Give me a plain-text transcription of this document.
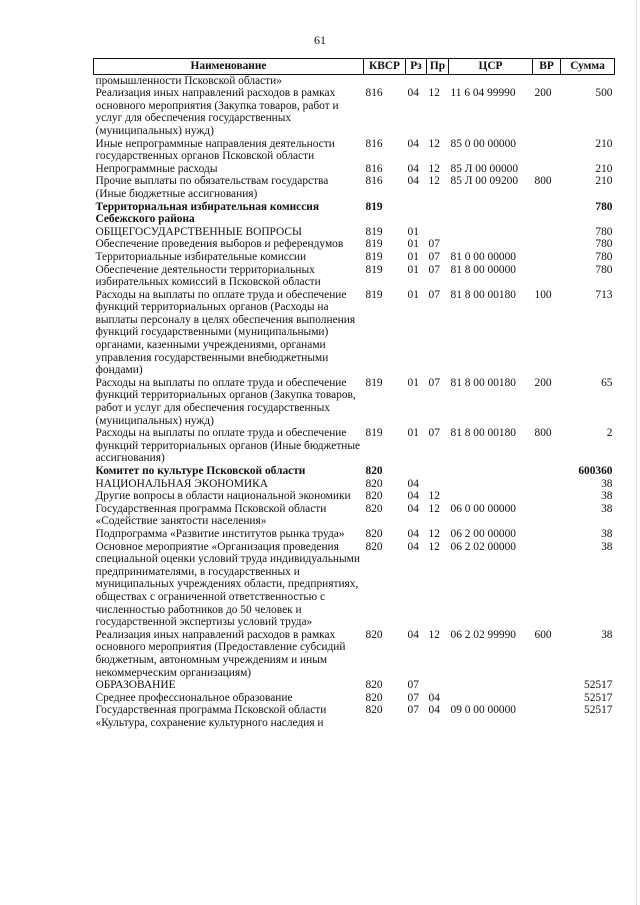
61
Наименование	КВСР	Рз	Пр	ЦСР	ВР	Сумма
промышленности Псковской области»						
Реализация иных направлений расходов в рамках основного мероприятия (Закупка товаров, работ и услуг для обеспечения государственных (муниципальных) нужд)	816	04	12	11 6 04 99990	200	500
Иные непрограммные направления деятельности государственных органов Псковской области	816	04	12	85 0 00 00000		210
Непрограммные расходы	816	04	12	85 Л 00 00000		210
Прочие выплаты по обязательствам государства (Иные бюджетные ассигнования)	816	04	12	85 Л 00 09200	800	210
Территориальная избирательная комиссия Себежского района	819					780
ОБЩЕГОСУДАРСТВЕННЫЕ ВОПРОСЫ	819	01				780
Обеспечение проведения выборов и референдумов	819	01	07			780
Территориальные избирательные комиссии	819	01	07	81 0 00 00000		780
Обеспечение деятельности территориальных избирательных комиссий в Псковской области	819	01	07	81 8 00 00000		780
Расходы на выплаты по оплате труда и обеспечение функций территориальных органов (Расходы на выплаты персоналу в целях обеспечения выполнения функций государственными (муниципальными) органами, казенными учреждениями, органами управления государственными внебюджетными фондами)	819	01	07	81 8 00 00180	100	713
Расходы на выплаты по оплате труда и обеспечение функций территориальных органов (Закупка товаров, работ и услуг для обеспечения государственных (муниципальных) нужд)	819	01	07	81 8 00 00180	200	65
Расходы на выплаты по оплате труда и обеспечение функций территориальных органов (Иные бюджетные ассигнования)	819	01	07	81 8 00 00180	800	2
Комитет по культуре Псковской области	820					600360
НАЦИОНАЛЬНАЯ ЭКОНОМИКА	820	04				38
Другие вопросы в области национальной экономики	820	04	12			38
Государственная программа Псковской области «Содействие занятости населения»	820	04	12	06 0 00 00000		38
Подпрограмма «Развитие институтов рынка труда»	820	04	12	06 2 00 00000		38
Основное мероприятие «Организация проведения специальной оценки условий труда индивидуальными предпринимателями, в государственных и муниципальных учреждениях области, предприятиях, обществах с ограниченной ответственностью с численностью работников до 50 человек и государственной экспертизы условий труда»	820	04	12	06 2 02 00000		38
Реализация иных направлений расходов в рамках основного мероприятия (Предоставление субсидий бюджетным, автономным учреждениям и иным некоммерческим организациям)	820	04	12	06 2 02 99990	600	38
ОБРАЗОВАНИЕ	820	07				52517
Среднее профессиональное образование	820	07	04			52517
Государственная программа Псковской области «Культура, сохранение культурного наследия и	820	07	04	09 0 00 00000		52517
